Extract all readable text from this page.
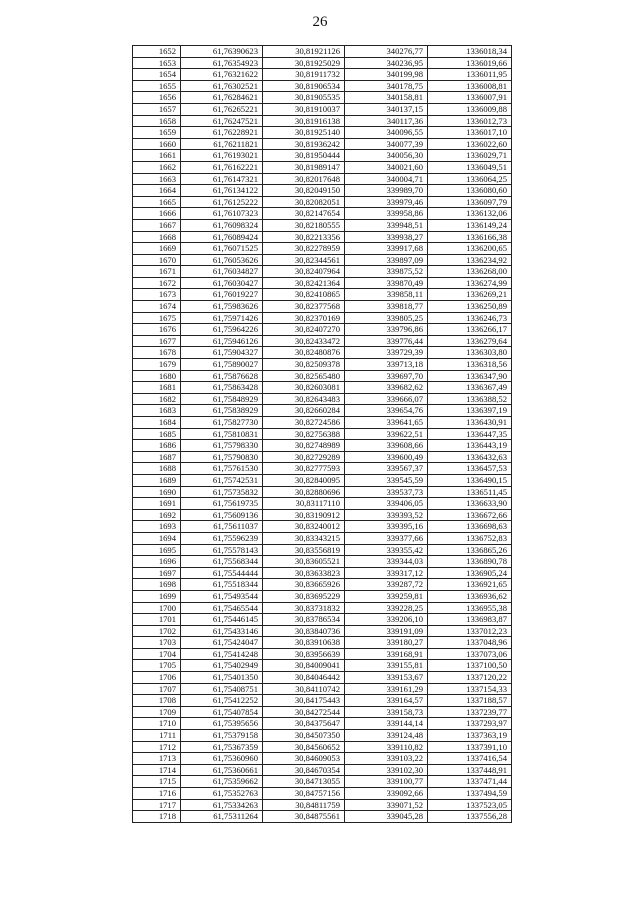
26
1652	61,76390623	30,81921126	340276,77	1336018,34
1653	61,76354923	30,81925029	340236,95	1336019,66
1654	61,76321622	30,81911732	340199,98	1336011,95
1655	61,76302521	30,81906534	340178,75	1336008,81
1656	61,76284621	30,81905535	340158,81	1336007,91
1657	61,76265221	30,81910037	340137,15	1336009,88
1658	61,76247521	30,81916138	340117,36	1336012,73
1659	61,76228921	30,81925140	340096,55	1336017,10
1660	61,76211821	30,81936242	340077,39	1336022,60
1661	61,76193021	30,81950444	340056,30	1336029,71
1662	61,76162221	30,81989147	340021,60	1336049,51
1663	61,76147321	30,82017648	340004,71	1336064,25
1664	61,76134122	30,82049150	339989,70	1336080,60
1665	61,76125222	30,82082051	339979,46	1336097,79
1666	61,76107323	30,82147654	339958,86	1336132,06
1667	61,76098324	30,82180555	339948,51	1336149,24
1668	61,76089424	30,82213356	339938,27	1336166,38
1669	61,76071525	30,82278959	339917,68	1336200,65
1670	61,76053626	30,82344561	339897,09	1336234,92
1671	61,76034827	30,82407964	339875,52	1336268,00
1672	61,76030427	30,82421364	339870,49	1336274,99
1673	61,76019227	30,82410865	339858,11	1336269,21
1674	61,75983626	30,82377568	339818,77	1336250,89
1675	61,75971426	30,82370169	339805,25	1336246,73
1676	61,75964226	30,82407270	339796,86	1336266,17
1677	61,75946126	30,82433472	339776,44	1336279,64
1678	61,75904327	30,82480876	339729,39	1336303,80
1679	61,75890027	30,82509378	339713,18	1336318,56
1680	61,75876628	30,82565480	339697,70	1336347,90
1681	61,75863428	30,82603081	339682,62	1336367,49
1682	61,75848929	30,82643483	339666,07	1336388,52
1683	61,75838929	30,82660284	339654,76	1336397,19
1684	61,75827730	30,82724586	339641,65	1336430,91
1685	61,75810831	30,82756388	339622,51	1336447,35
1686	61,75798330	30,82748989	339608,66	1336443,19
1687	61,75790830	30,82729289	339600,49	1336432,63
1688	61,75761530	30,82777593	339567,37	1336457,53
1689	61,75742531	30,82840095	339545,59	1336490,15
1690	61,75735832	30,82880696	339537,73	1336511,45
1691	61,75619735	30,83117110	339406,05	1336633,90
1692	61,75609136	30,83190912	339393,52	1336672,66
1693	61,75611037	30,83240012	339395,16	1336698,63
1694	61,75596239	30,83343215	339377,66	1336752,83
1695	61,75578143	30,83556819	339355,42	1336865,26
1696	61,75568344	30,83605521	339344,03	1336890,78
1697	61,75544444	30,83633823	339317,12	1336905,24
1698	61,75518344	30,83665926	339287,72	1336921,65
1699	61,75493544	30,83695229	339259,81	1336936,62
1700	61,75465544	30,83731832	339228,25	1336955,38
1701	61,75446145	30,83786534	339206,10	1336983,87
1702	61,75433146	30,83840736	339191,09	1337012,23
1703	61,75424047	30,83910638	339180,27	1337048,96
1704	61,75414248	30,83956639	339168,91	1337073,06
1705	61,75402949	30,84009041	339155,81	1337100,50
1706	61,75401350	30,84046442	339153,67	1337120,22
1707	61,75408751	30,84110742	339161,29	1337154,33
1708	61,75412252	30,84175443	339164,57	1337188,57
1709	61,75407854	30,84272544	339158,73	1337239,77
1710	61,75395656	30,84375647	339144,14	1337293,97
1711	61,75379158	30,84507350	339124,48	1337363,19
1712	61,75367359	30,84560652	339110,82	1337391,10
1713	61,75360960	30,84609053	339103,22	1337416,54
1714	61,75360661	30,84670354	339102,30	1337448,91
1715	61,75359662	30,84713055	339100,77	1337471,44
1716	61,75352763	30,84757156	339092,66	1337494,59
1717	61,75334263	30,84811759	339071,52	1337523,05
1718	61,75311264	30,84875561	339045,28	1337556,28
